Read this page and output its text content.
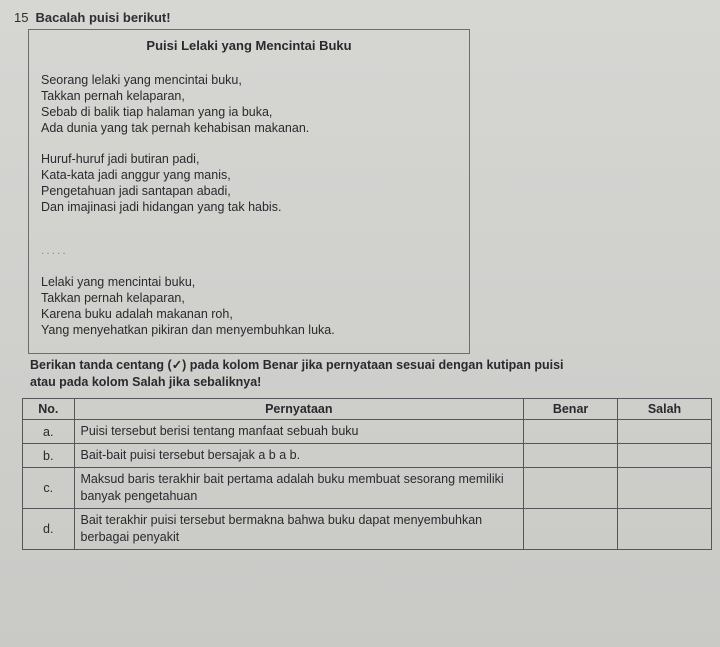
15 Bacalah puisi berikut!
Puisi Lelaki yang Mencintai Buku
Seorang lelaki yang mencintai buku,
Takkan pernah kelaparan,
Sebab di balik tiap halaman yang ia buka,
Ada dunia yang tak pernah kehabisan makanan.
Huruf-huruf jadi butiran padi,
Kata-kata jadi anggur yang manis,
Pengetahuan jadi santapan abadi,
Dan imajinasi jadi hidangan yang tak habis.
.....
Lelaki yang mencintai buku,
Takkan pernah kelaparan,
Karena buku adalah makanan roh,
Yang menyehatkan pikiran dan menyembuhkan luka.
Berikan tanda centang (✓) pada kolom Benar jika pernyataan sesuai dengan kutipan puisi
atau pada kolom Salah jika sebaliknya!
No.	Pernyataan	Benar	Salah
a.	Puisi tersebut berisi tentang manfaat sebuah buku		
b.	Bait-bait puisi tersebut bersajak a b a b.		
c.	Maksud baris terakhir bait pertama adalah buku membuat sesorang memiliki banyak pengetahuan		
d.	Bait terakhir puisi tersebut bermakna bahwa buku dapat menyembuhkan berbagai penyakit		
